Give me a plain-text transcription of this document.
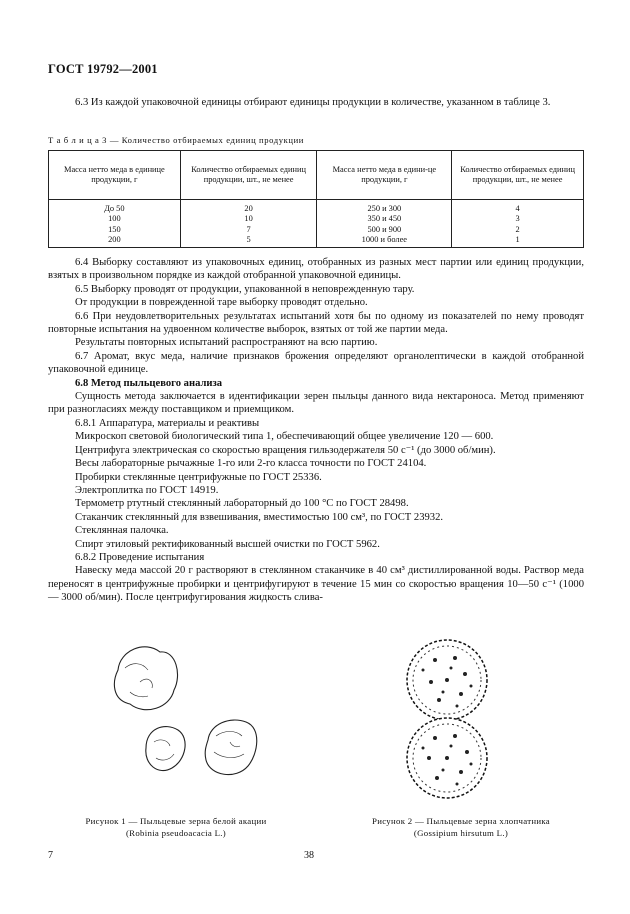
ГОСТ 19792—2001

6.3 Из каждой упаковочной единицы отбирают единицы продукции в количестве, указанном в таблице 3.

Т а б л и ц а 3 — Количество отбираемых единиц продукции
Масса нетто меда в единице продукции, г	Количество отбираемых единиц продукции, шт., не менее	Масса нетто меда в едини-це продукции, г	Количество отбираемых единиц продукции, шт., не менее
До 50	20	250 и 300	4
100	10	350 и 450	3
150	7	500 и 900	2
200	5	1000 и более	1

6.4 Выборку составляют из упаковочных единиц, отобранных из разных мест партии или единиц продукции, взятых в произвольном порядке из каждой отобранной упаковочной единицы.

6.5 Выборку проводят от продукции, упакованной в неповрежденную тару.

От продукции в поврежденной таре выборку проводят отдельно.

6.6 При неудовлетворительных результатах испытаний хотя бы по одному из показателей по нему проводят повторные испытания на удвоенном количестве выборок, взятых от той же партии меда.

Результаты повторных испытаний распространяют на всю партию.

6.7 Аромат, вкус меда, наличие признаков брожения определяют органолептически в каждой отобранной упаковочной единице.

6.8 Метод пыльцевого анализа

Сущность метода заключается в идентификации зерен пыльцы данного вида нектароноса. Метод применяют при разногласиях между поставщиком и приемщиком.

6.8.1 Аппаратура, материалы и реактивы

Микроскоп световой биологический типа 1, обеспечивающий общее увеличение 120 — 600.

Центрифуга электрическая со скоростью вращения гильзодержателя 50 с⁻¹ (до 3000 об/мин).

Весы лабораторные рычажные 1-го или 2-го класса точности по ГОСТ 24104.

Пробирки стеклянные центрифужные по ГОСТ 25336.

Электроплитка по ГОСТ 14919.

Термометр ртутный стеклянный лабораторный до 100 °С по ГОСТ 28498.

Стаканчик стеклянный для взвешивания, вместимостью 100 см³, по ГОСТ 23932.

Стеклянная палочка.

Спирт этиловый ректификованный высшей очистки по ГОСТ 5962.

6.8.2 Проведение испытания

Навеску меда массой 20 г растворяют в стеклянном стаканчике в 40 см³ дистиллированной воды. Раствор меда переносят в центрифужные пробирки и центрифугируют в течение 15 мин со скоростью вращения 10—50 с⁻¹ (1000 — 3000 об/мин). После центрифугирования жидкость слива-

Рисунок 1 — Пыльцевые зерна белой акации
(Robinia pseudoacacia L.)
Рисунок 2 — Пыльцевые зерна хлопчатника
(Gossipium hirsutum L.)
7	38
